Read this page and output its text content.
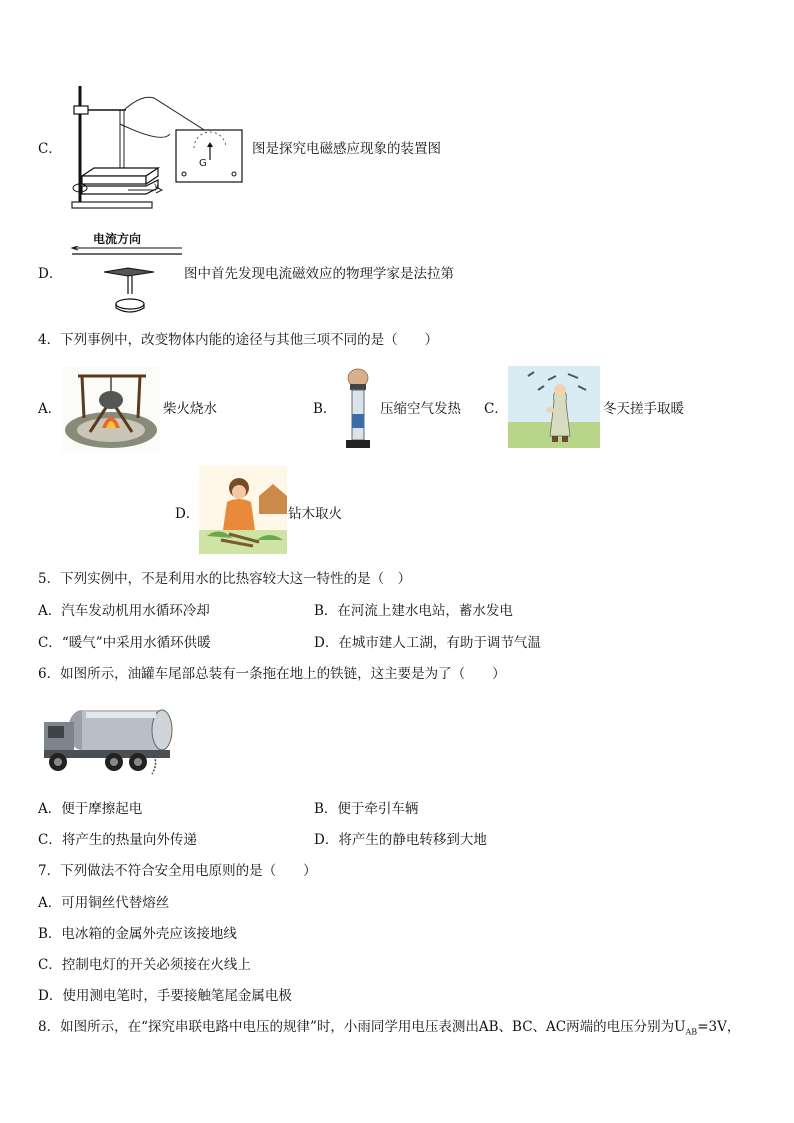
C．
v
G
图是探究电磁感应现象的装置图
电流方向
D．	图中首先发现电流磁效应的物理学家是法拉第
4．下列事例中，改变物体内能的途径与其他三项不同的是（　　）
A．	柴火烧水	B．	压缩空气发热 C．	冬天搓手取暖
D．	钻木取火
5．下列实例中，不是利用水的比热容较大这一特性的是（　）
A．汽车发动机用水循环冷却	B．在河流上建水电站，蓄水发电
C．“暖气”中采用水循环供暖	D．在城市建人工湖，有助于调节气温
6．如图所示，油罐车尾部总装有一条拖在地上的铁链，这主要是为了（　　）
A．便于摩擦起电	B．便于牵引车辆
C．将产生的热量向外传递	D．将产生的静电转移到大地
7．下列做法不符合安全用电原则的是（　　）
A．可用铜丝代替熔丝
B．电冰箱的金属外壳应该接地线
C．控制电灯的开关必须接在火线上
D．使用测电笔时，手要接触笔尾金属电极
8．如图所示，在“探究串联电路中电压的规律”时，小雨同学用电压表测出AB、BC、AC两端的电压分别为$U_{AB}=3V$，
